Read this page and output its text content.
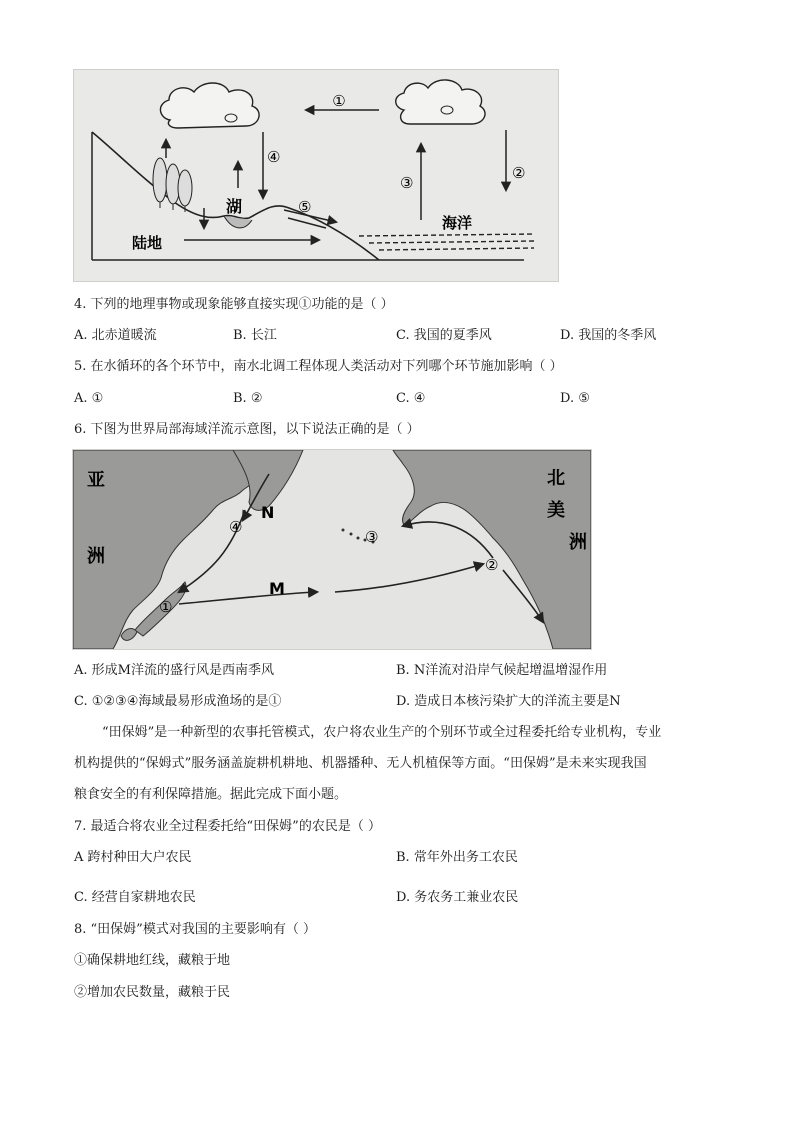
①
②
③
④
⑤
湖
陆地
海洋
4. 下列的地理事物或现象能够直接实现①功能的是（ ）
A. 北赤道暖流	B. 长江	C. 我国的夏季风	D. 我国的冬季风
5. 在水循环的各个环节中，南水北调工程体现人类活动对下列哪个环节施加影响（ ）
A. ①	B. ②	C. ④	D. ⑤
6. 下图为世界局部海域洋流示意图，以下说法正确的是（ ）
亚
洲
北
美
洲
N
M
①
②
③
④
A. 形成M洋流的盛行风是西南季风	B. N洋流对沿岸气候起增温增湿作用
C. ①②③④海域最易形成渔场的是①	D. 造成日本核污染扩大的洋流主要是N
“田保姆”是一种新型的农事托管模式，农户将农业生产的个别环节或全过程委托给专业机构，专业
机构提供的“保姆式”服务涵盖旋耕机耕地、机器播种、无人机植保等方面。“田保姆”是未来实现我国
粮食安全的有利保障措施。据此完成下面小题。
7. 最适合将农业全过程委托给“田保姆”的农民是（ ）
A 跨村种田大户农民	B. 常年外出务工农民
C. 经营自家耕地农民	D. 务农务工兼业农民
8. “田保姆”模式对我国的主要影响有（ ）
①确保耕地红线，藏粮于地
②增加农民数量，藏粮于民
